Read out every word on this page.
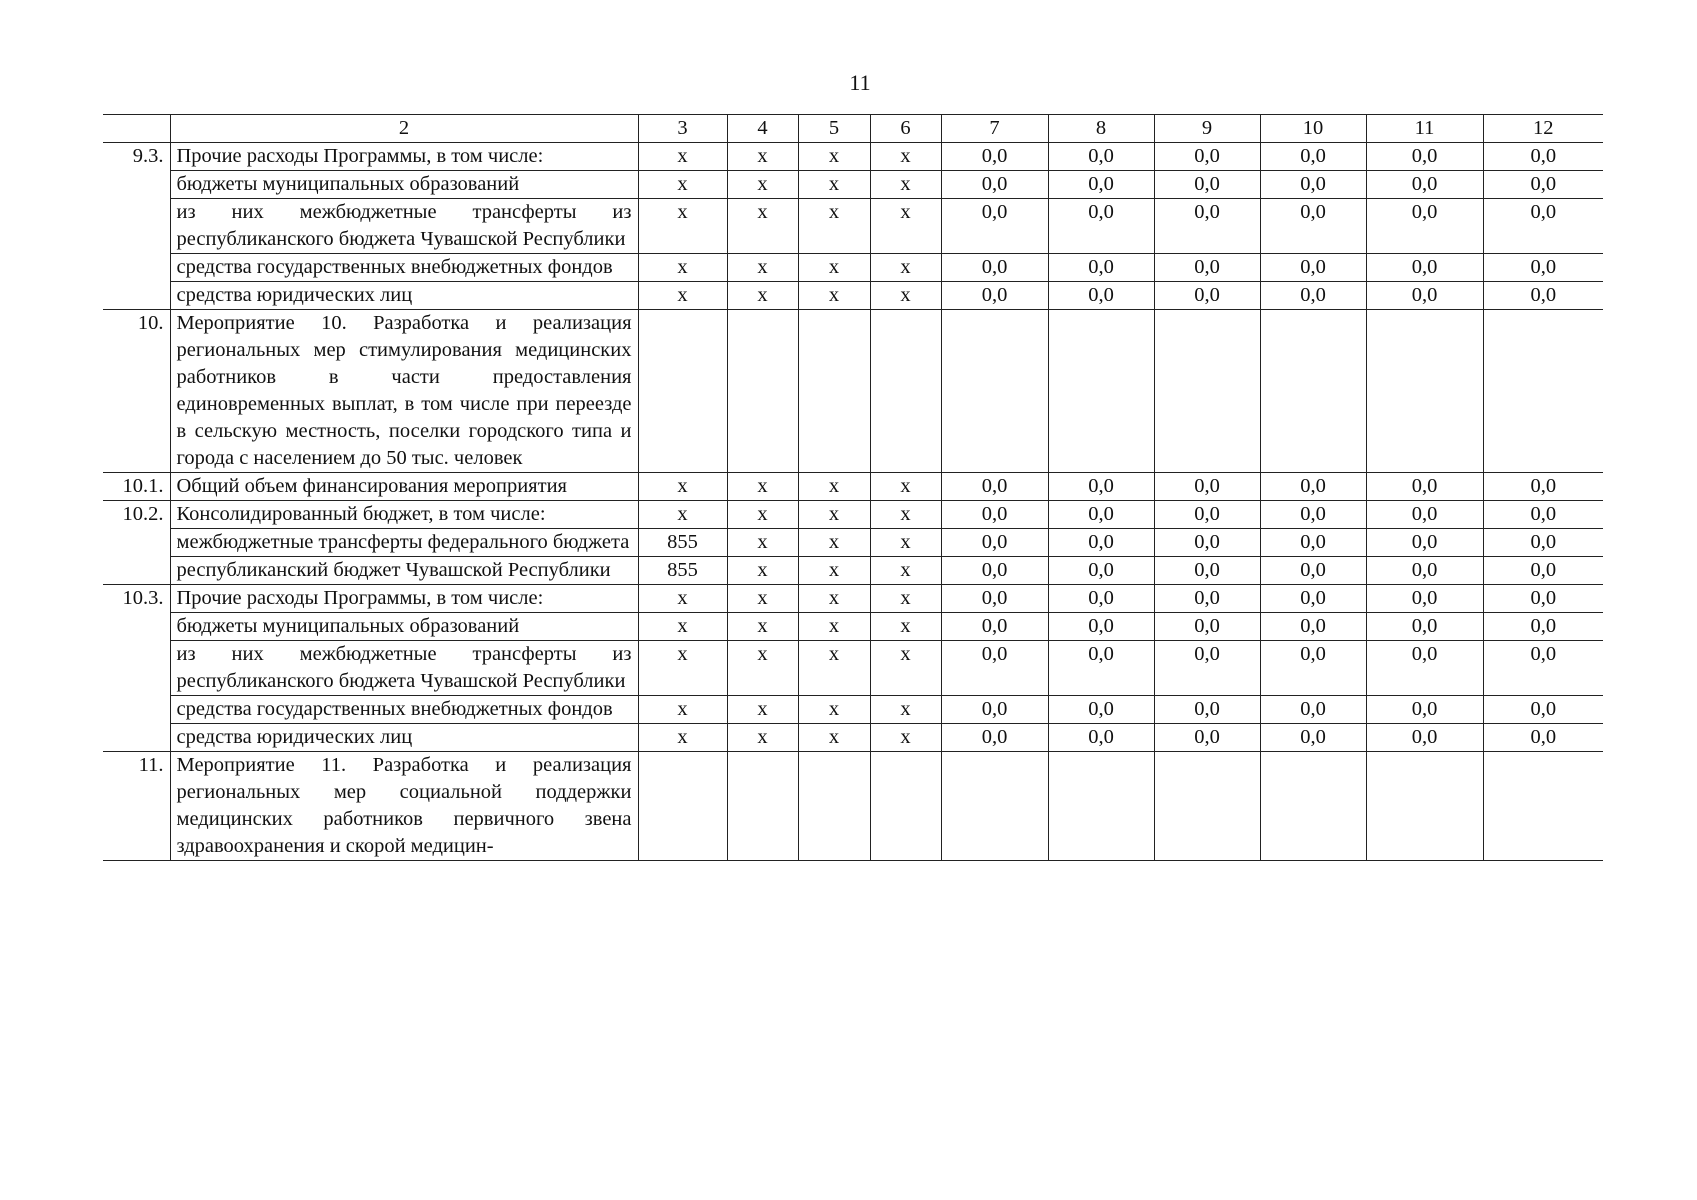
11
	2	3	4	5	6	7	8	9	10	11	12
9.3.	Прочие расходы Программы, в том числе:	х	х	х	х	0,0	0,0	0,0	0,0	0,0	0,0
	бюджеты муниципальных образований	х	х	х	х	0,0	0,0	0,0	0,0	0,0	0,0
	из них межбюджетные трансферты из республиканского бюджета Чувашской Республики	х	х	х	х	0,0	0,0	0,0	0,0	0,0	0,0
	средства государственных внебюджетных фондов	х	х	х	х	0,0	0,0	0,0	0,0	0,0	0,0
	средства юридических лиц	х	х	х	х	0,0	0,0	0,0	0,0	0,0	0,0
10.	Мероприятие 10. Разработка и реализация региональных мер стимулирования медицинских работников в части предоставления единовременных выплат, в том числе при переезде в сельскую местность, поселки городского типа и города с населением до 50 тыс. человек										
10.1.	Общий объем финансирования мероприятия	х	х	х	х	0,0	0,0	0,0	0,0	0,0	0,0
10.2.	Консолидированный бюджет, в том числе:	х	х	х	х	0,0	0,0	0,0	0,0	0,0	0,0
	межбюджетные трансферты федерального бюджета	855	х	х	х	0,0	0,0	0,0	0,0	0,0	0,0
	республиканский бюджет Чувашской Республики	855	х	х	х	0,0	0,0	0,0	0,0	0,0	0,0
10.3.	Прочие расходы Программы, в том числе:	х	х	х	х	0,0	0,0	0,0	0,0	0,0	0,0
	бюджеты муниципальных образований	х	х	х	х	0,0	0,0	0,0	0,0	0,0	0,0
	из них межбюджетные трансферты из республиканского бюджета Чувашской Республики	х	х	х	х	0,0	0,0	0,0	0,0	0,0	0,0
	средства государственных внебюджетных фондов	х	х	х	х	0,0	0,0	0,0	0,0	0,0	0,0
	средства юридических лиц	х	х	х	х	0,0	0,0	0,0	0,0	0,0	0,0
11.	Мероприятие 11. Разработка и реализация региональных мер социальной поддержки медицинских работников первичного звена здравоохранения и скорой медицин-										
